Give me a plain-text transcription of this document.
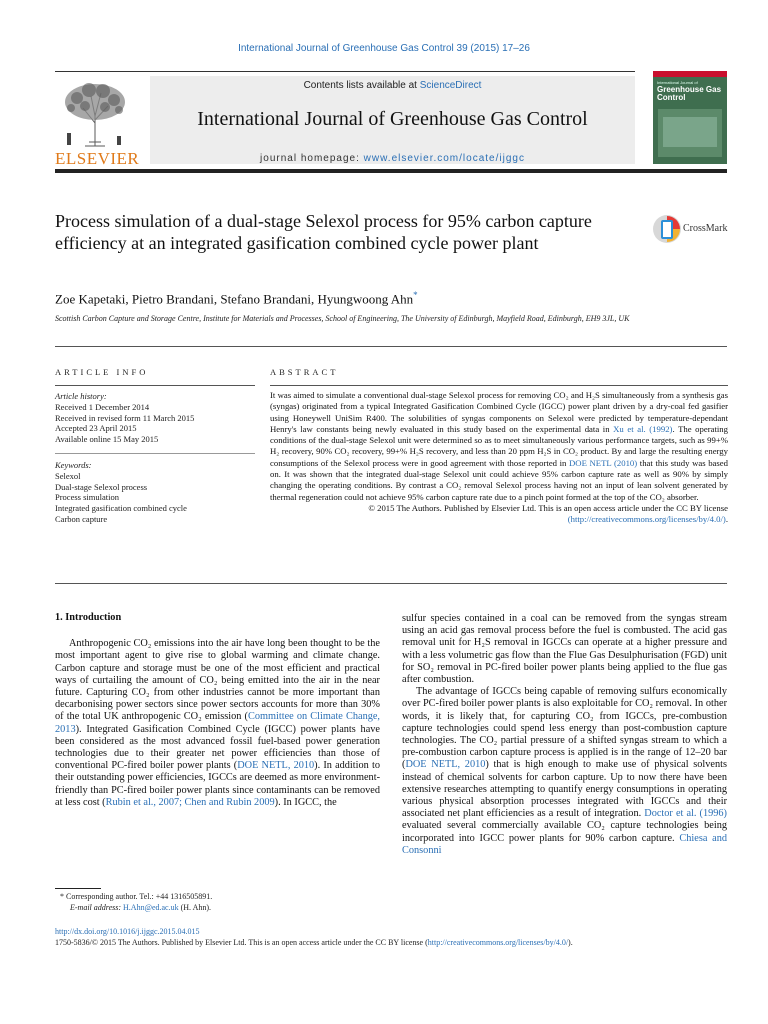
International Journal of Greenhouse Gas Control 39 (2015) 17–26
ELSEVIER
Contents lists available at ScienceDirect
International Journal of Greenhouse Gas Control
journal homepage: www.elsevier.com/locate/ijggc
International Journal of
Greenhouse Gas Control
Process simulation of a dual-stage Selexol process for 95% carbon capture efficiency at an integrated gasification combined cycle power plant
CrossMark
Zoe Kapetaki, Pietro Brandani, Stefano Brandani, Hyungwoong Ahn*
Scottish Carbon Capture and Storage Centre, Institute for Materials and Processes, School of Engineering, The University of Edinburgh, Mayfield Road, Edinburgh, EH9 3JL, UK
ARTICLE INFO
Article history:
Received 1 December 2014
Received in revised form 11 March 2015
Accepted 23 April 2015
Available online 15 May 2015
Keywords:
Selexol
Dual-stage Selexol process
Process simulation
Integrated gasification combined cycle
Carbon capture
ABSTRACT
It was aimed to simulate a conventional dual-stage Selexol process for removing CO₂ and H₂S simultaneously from a synthesis gas (syngas) originated from a typical Integrated Gasification Combined Cycle (IGCC) power plant driven by a dry-coal fed gasifier using Honeywell UniSim R400. The solubilities of syngas components on Selexol were predicted by temperature-dependant Henry's law constants being newly evaluated in this study based on the experimental data in Xu et al. (1992). The operating conditions of the dual-stage Selexol unit were determined so as to meet simultaneously various performance targets, such as 99+% H₂ recovery, 90% CO₂ recovery, 99+% H₂S recovery, and less than 20 ppm H₂S in CO₂ product. By and large the resulting energy consumptions of the Selexol process were in good agreement with those reported in DOE NETL (2010) that this study was based on. It was shown that the integrated dual-stage Selexol unit could achieve 95% carbon capture rate as well as 90% by simply changing the operating conditions. By contrast a CO₂ removal Selexol process having not an input of lean solvent generated by thermal regeneration could not achieve 95% carbon capture rate due to a pinch point formed at the top of the CO₂ absorber.
© 2015 The Authors. Published by Elsevier Ltd. This is an open access article under the CC BY license (http://creativecommons.org/licenses/by/4.0/).
1. Introduction

Anthropogenic CO₂ emissions into the air have long been thought to be the most important agent to give rise to global warming and climate change. Carbon capture and storage must be one of the most efficient and practical ways of curtailing the amount of CO₂ being emitted into the air in the near future. Capturing CO₂ from other industries cannot be more important than decarbonising power sectors since power sectors accounts for more than 30% of the total UK anthropogenic CO₂ emission (Committee on Climate Change, 2013). Integrated Gasification Combined Cycle (IGCC) power plants have been considered as the most advanced fossil fuel-based power generation technologies due to their greater net power efficiencies than those of conventional PC-fired boiler power plants (DOE NETL, 2010). In addition to their outstanding power efficiencies, IGCCs are deemed as more environment-friendly than PC-fired boiler power plants since contaminants can be removed at less cost (Rubin et al., 2007; Chen and Rubin 2009). In IGCC, the

sulfur species contained in a coal can be removed from the syngas stream using an acid gas removal process before the fuel is combusted. The acid gas removal unit for H₂S removal in IGCCs can operate at a higher pressure and with a less volumetric gas flow than the Flue Gas Desulphurisation (FGD) unit for SO₂ removal in PC-fired boiler power plants being applied to the flue gas after combustion.

The advantage of IGCCs being capable of removing sulfurs economically over PC-fired boiler power plants is also exploitable for CO₂ removal. In other words, it is likely that, for capturing CO₂ from IGCCs, pre-combustion capture technologies could spend less energy than post-combustion capture technologies. The CO₂ partial pressure of a shifted syngas stream to which a pre-combustion carbon capture process is applied is in the range of 12–20 bar (DOE NETL, 2010) that is high enough to make use of physical solvents instead of chemical solvents for carbon capture. Up to now there have been extensive researches attempting to quantify energy consumptions in operating various physical absorption processes integrated with IGCCs and their associated net plant efficiencies as a result of integration. Doctor et al. (1996) evaluated several commercially available CO₂ capture technologies being incorporated into IGCC power plants for 90% carbon capture. Chiesa and Consonni

* Corresponding author. Tel.: +44 1316505891.
E-mail address: H.Ahn@ed.ac.uk (H. Ahn).
http://dx.doi.org/10.1016/j.ijggc.2015.04.015
1750-5836/© 2015 The Authors. Published by Elsevier Ltd. This is an open access article under the CC BY license (http://creativecommons.org/licenses/by/4.0/).
